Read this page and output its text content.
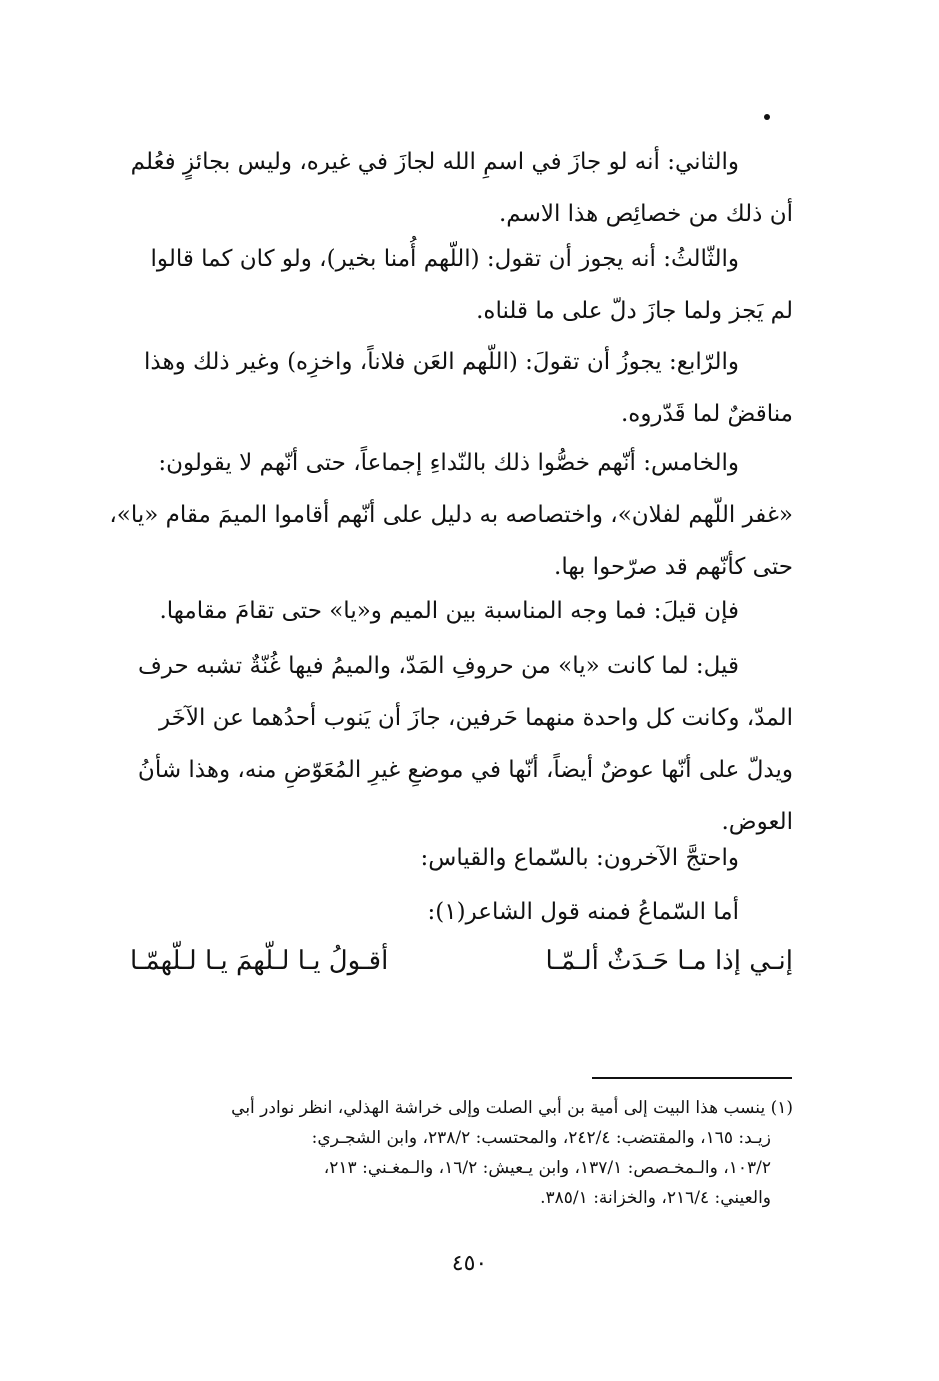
والثاني: أنه لو جازَ في اسمِ الله لجازَ في غيره، وليس بجائزٍ فعُلم
أن ذلك من خصائِص هذا الاسم.
والثّالثُ: أنه يجوز أن تقول: (اللّهم أُمنا بخير)، ولو كان كما قالوا
لم يَجز ولما جازَ دلّ على ما قلناه.
والرّابع: يجوزُ أن تقولَ: (اللّهم العَن فلاناً، واخزِه) وغير ذلك وهذا
مناقضٌ لما قَدّروه.
والخامس: أنّهم خصُّوا ذلك بالنّداءِ إجماعاً، حتى أنّهم لا يقولون:
«غفر اللّهم لفلان»، واختصاصه به دليل على أنّهم أقاموا الميمَ مقام «يا»،
حتى كأنّهم قد صرّحوا بها.
فإن قيلَ: فما وجه المناسبة بين الميم و«يا» حتى تقامَ مقامها.
قيل: لما كانت «يا» من حروفِ المَدّ، والميمُ فيها غُنّةٌ تشبه حرف
المدّ، وكانت كل واحدة منهما حَرفين، جازَ أن يَنوب أحدُهما عن الآخَر
ويدلّ على أنّها عوضٌ أيضاً، أنّها في موضعِ غيرِ المُعَوّضِ منه، وهذا شأنُ
العوض.
واحتجَّ الآخرون: بالسّماع والقياس:
أما السّماعُ فمنه قول الشاعر(١):
إنـي إذا مـا حَـدَثٌ ألـمّـا
أقـولُ يـا لـلّهمَ يـا لـلّهمّـا
(١) ينسب هذا البيت إلى أمية بن أبي الصلت وإلى خراشة الهذلي، انظر نوادر أبي
زيـد: ١٦٥، والمقتضب: ٢٤٢/٤، والمحتسب: ٢٣٨/٢، وابن الشجـري:
١٠٣/٢، والـمخـصص: ١٣٧/١، وابن يـعيش: ١٦/٢، والـمغـني: ٢١٣،
والعيني: ٢١٦/٤، والخزانة: ٣٨٥/١.
٤٥٠
